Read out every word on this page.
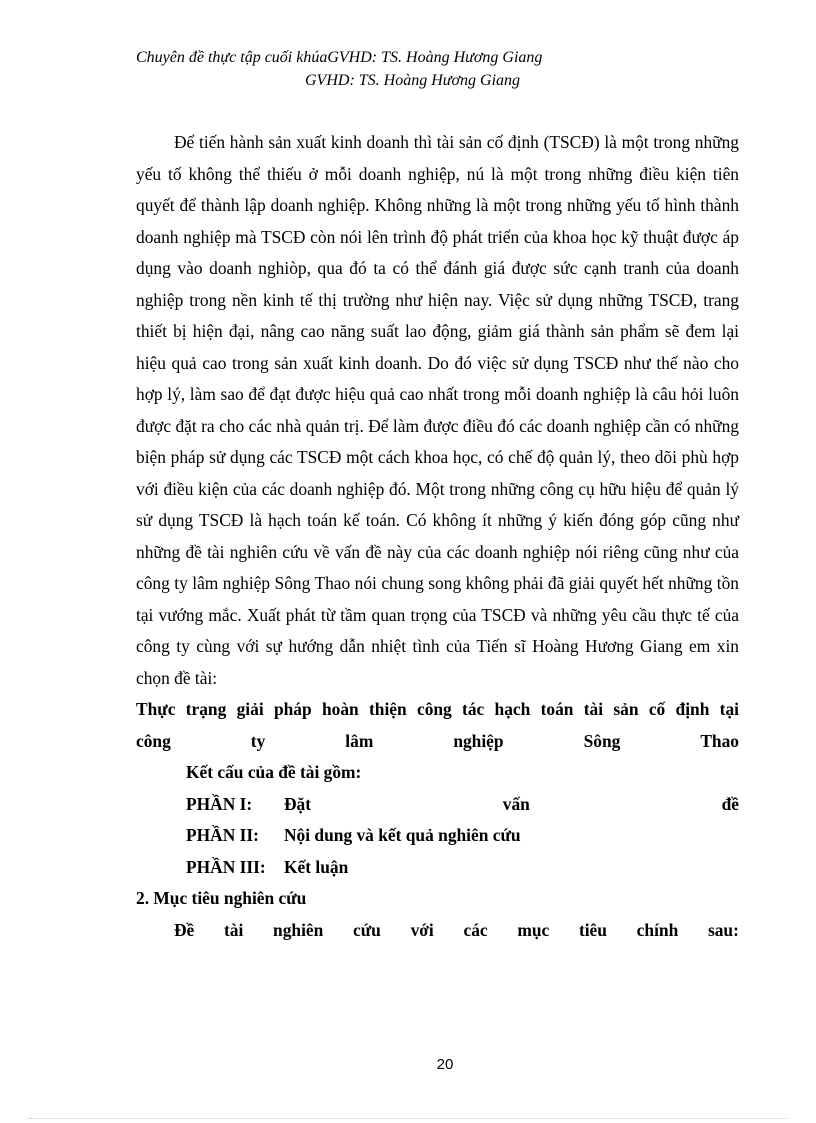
Chuyên đề thực tập cuối khúaGVHD: TS. Hoàng Hương Giang
GVHD: TS. Hoàng Hương Giang

Để tiến hành sản xuất kinh doanh thì tài sản cố định (TSCĐ) là một trong những yếu tố không thể thiếu ở mỗi doanh nghiệp, nú là một trong những điều kiện tiên quyết để thành lập doanh nghiệp. Không những là một trong những yếu tố hình thành doanh nghiệp mà TSCĐ còn nói lên trình độ phát triển của khoa học kỹ thuật được áp dụng vào doanh nghiòp, qua đó ta có thể đánh giá được sức cạnh tranh của doanh nghiệp trong nền kinh tế thị trường như hiện nay. Việc sử dụng những TSCĐ, trang thiết bị hiện đại, nâng cao năng suất lao động, giảm giá thành sản phẩm sẽ đem lại hiệu quả cao trong sản xuất kinh doanh. Do đó việc sử dụng TSCĐ như thế nào cho hợp lý, làm sao để đạt được hiệu quả cao nhất trong mỗi doanh nghiệp là câu hỏi luôn được đặt ra cho các nhà quản trị. Để làm được điều đó các doanh nghiệp cần có những biện pháp sử dụng các TSCĐ một cách khoa học, có chế độ quản lý, theo dõi phù hợp với điều kiện của các doanh nghiệp đó. Một trong những công cụ hữu hiệu để quản lý sử dụng TSCĐ là hạch toán kế toán. Có không ít những ý kiến đóng góp cũng như những đề tài nghiên cứu về vấn đề này của các doanh nghiệp nói riêng cũng như của công ty lâm nghiệp Sông Thao nói chung song không phải đã giải quyết hết những tồn tại vướng mắc. Xuất phát từ tầm quan trọng của TSCĐ và những yêu cầu thực tế của công ty cùng với sự hướng dẫn nhiệt tình của Tiến sĩ Hoàng Hương Giang em xin chọn đề tài:

Thực trạng giải pháp hoàn thiện công tác hạch toán tài sản cố định tại

công	ty	lâm	nghiệp	Sông	Thao

Kết cấu của đề tài gồm:

PHẦN I:	Đặt	vấn	đề

PHẦN II: Nội dung và kết quả nghiên cứu

PHẦN III: Kết luận

2. Mục tiêu nghiên cứu

Đề tài nghiên cứu với các mục tiêu chính sau:

20
